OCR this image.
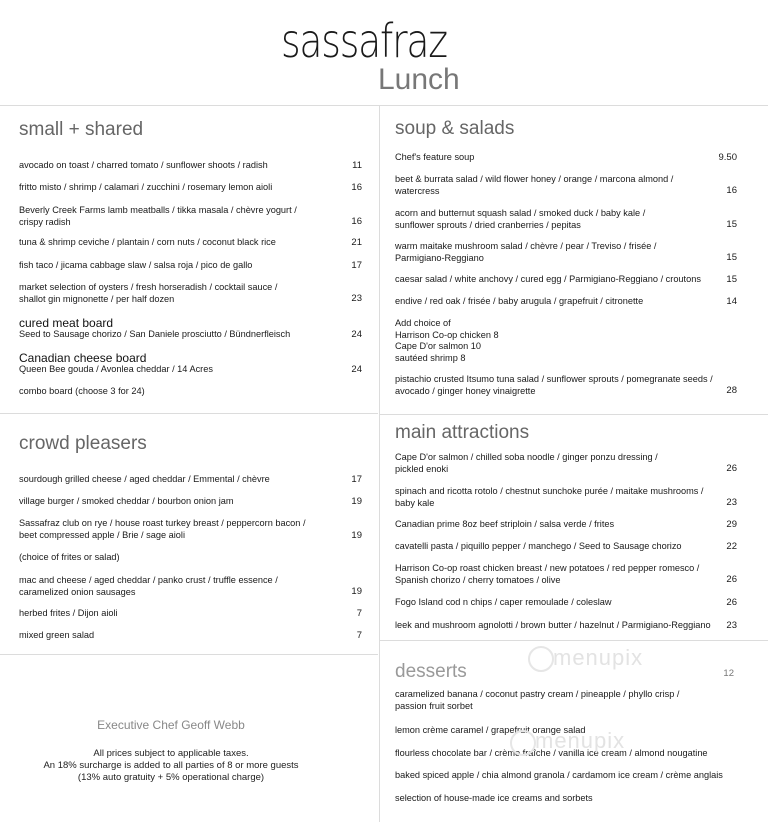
sassafraz
Lunch
small + shared
avocado on toast / charred tomato / sunflower shoots / radish	11
fritto misto / shrimp / calamari / zucchini / rosemary lemon aioli	16
Beverly Creek Farms lamb meatballs / tikka masala / chèvre yogurt /
crispy radish	16
tuna & shrimp ceviche / plantain / corn nuts / coconut black rice	21
fish taco / jicama cabbage slaw / salsa roja / pico de gallo	17
market selection of oysters / fresh horseradish / cocktail sauce /
shallot gin mignonette / per half dozen	23
cured meat board
Seed to Sausage chorizo / San Daniele prosciutto / Bündnerfleisch	24
Canadian cheese board
Queen Bee gouda / Avonlea cheddar / 14 Acres	24
combo board (choose 3 for 24)
crowd pleasers
sourdough grilled cheese / aged cheddar / Emmental / chèvre	17
village burger / smoked cheddar / bourbon onion jam	19
Sassafraz club on rye / house roast turkey breast / peppercorn bacon /
beet compressed apple / Brie / sage aioli	19
(choice of frites or salad)
mac and cheese / aged cheddar / panko crust / truffle essence /
caramelized onion sausages	19
herbed frites / Dijon aioli	7
mixed green salad	7
Executive Chef Geoff Webb
All prices subject to applicable taxes.
An 18% surcharge is added to all parties of 8 or more guests
(13% auto gratuity + 5% operational charge)
soup & salads
Chef's feature soup	9.50
beet & burrata salad / wild flower honey / orange / marcona almond /
watercress	16
acorn and butternut squash salad / smoked duck / baby kale /
sunflower sprouts / dried cranberries / pepitas	15
warm maitake mushroom salad / chèvre / pear / Treviso / frisée /
Parmigiano-Reggiano	15
caesar salad / white anchovy / cured egg / Parmigiano-Reggiano / croutons	15
endive / red oak / frisée / baby arugula / grapefruit / citronette	14
Add choice of
Harrison Co-op chicken 8
Cape D'or salmon 10
sautéed shrimp 8
pistachio crusted Itsumo tuna salad / sunflower sprouts / pomegranate seeds /
avocado / ginger honey vinaigrette	28
main attractions
Cape D'or salmon / chilled soba noodle / ginger ponzu dressing /
pickled enoki	26
spinach and ricotta rotolo / chestnut sunchoke purée / maitake mushrooms /
baby kale	23
Canadian prime 8oz beef striploin / salsa verde / frites	29
cavatelli pasta / piquillo pepper / manchego / Seed to Sausage chorizo	22
Harrison Co-op roast chicken breast / new potatoes / red pepper romesco /
Spanish chorizo / cherry tomatoes / olive	26
Fogo Island cod n chips / caper remoulade / coleslaw	26
leek and mushroom agnolotti / brown butter / hazelnut / Parmigiano-Reggiano	23
desserts	12
caramelized banana / coconut pastry cream / pineapple / phyllo crisp /
passion fruit sorbet
lemon crème caramel / grapefruit orange salad
flourless chocolate bar / crème fraîche / vanilla ice cream / almond nougatine
baked spiced apple / chia almond granola / cardamom ice cream / crème anglais
selection of house-made ice creams and sorbets
menupix
menupix
